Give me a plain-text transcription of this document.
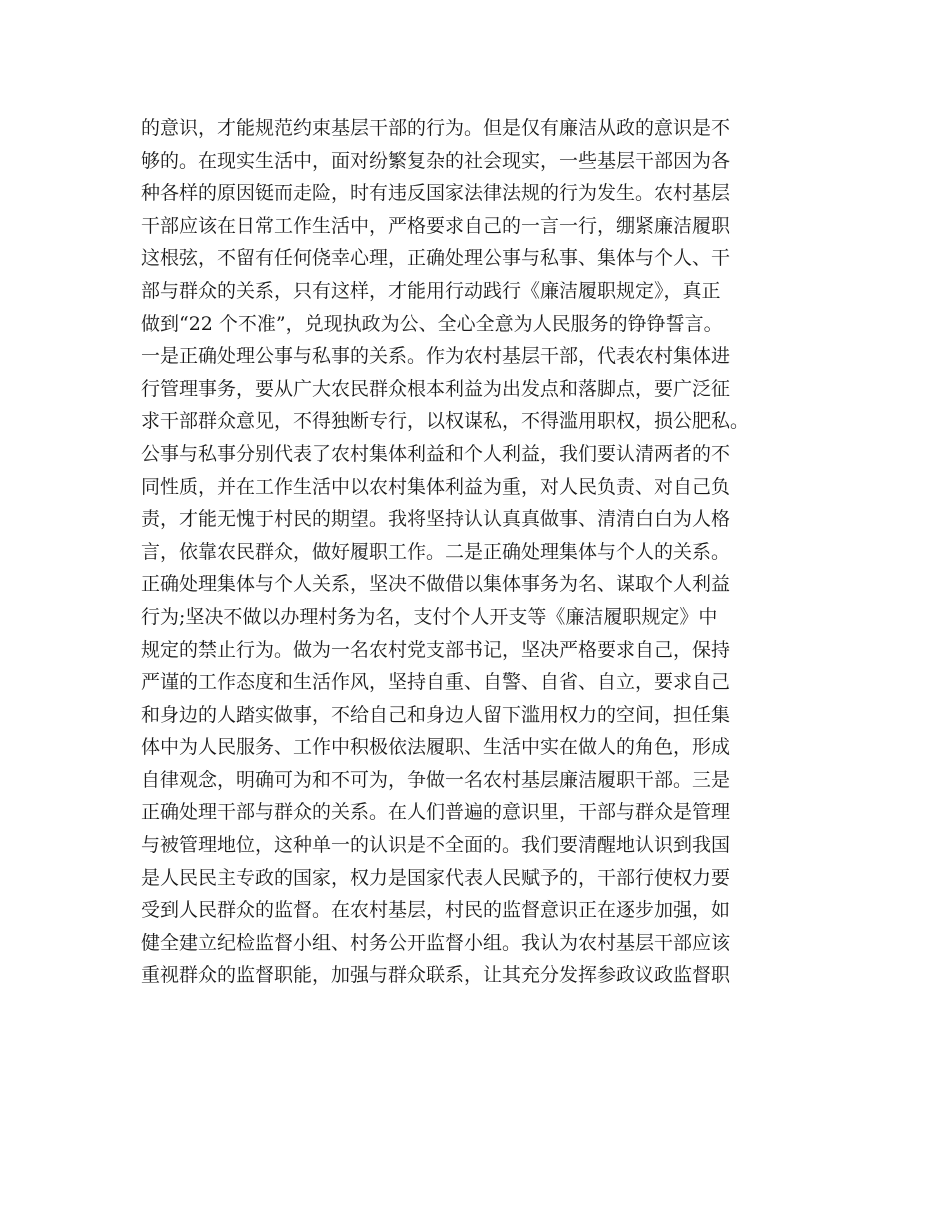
的意识，才能规范约束基层干部的行为。但是仅有廉洁从政的意识是不
够的。在现实生活中，面对纷繁复杂的社会现实，一些基层干部因为各
种各样的原因铤而走险，时有违反国家法律法规的行为发生。农村基层
干部应该在日常工作生活中，严格要求自己的一言一行，绷紧廉洁履职
这根弦，不留有任何侥幸心理，正确处理公事与私事、集体与个人、干
部与群众的关系，只有这样，才能用行动践行《廉洁履职规定》，真正
做到“22 个不准”，兑现执政为公、全心全意为人民服务的铮铮誓言。
一是正确处理公事与私事的关系。作为农村基层干部，代表农村集体进
行管理事务，要从广大农民群众根本利益为出发点和落脚点，要广泛征
求干部群众意见，不得独断专行，以权谋私，不得滥用职权，损公肥私。
公事与私事分别代表了农村集体利益和个人利益，我们要认清两者的不
同性质，并在工作生活中以农村集体利益为重，对人民负责、对自己负
责，才能无愧于村民的期望。我将坚持认认真真做事、清清白白为人格
言，依靠农民群众，做好履职工作。二是正确处理集体与个人的关系。
正确处理集体与个人关系，坚决不做借以集体事务为名、谋取个人利益
行为;坚决不做以办理村务为名，支付个人开支等《廉洁履职规定》中
规定的禁止行为。做为一名农村党支部书记，坚决严格要求自己，保持
严谨的工作态度和生活作风，坚持自重、自警、自省、自立，要求自己
和身边的人踏实做事，不给自己和身边人留下滥用权力的空间，担任集
体中为人民服务、工作中积极依法履职、生活中实在做人的角色，形成
自律观念，明确可为和不可为，争做一名农村基层廉洁履职干部。三是
正确处理干部与群众的关系。在人们普遍的意识里，干部与群众是管理
与被管理地位，这种单一的认识是不全面的。我们要清醒地认识到我国
是人民民主专政的国家，权力是国家代表人民赋予的，干部行使权力要
受到人民群众的监督。在农村基层，村民的监督意识正在逐步加强，如
健全建立纪检监督小组、村务公开监督小组。我认为农村基层干部应该
重视群众的监督职能，加强与群众联系，让其充分发挥参政议政监督职
